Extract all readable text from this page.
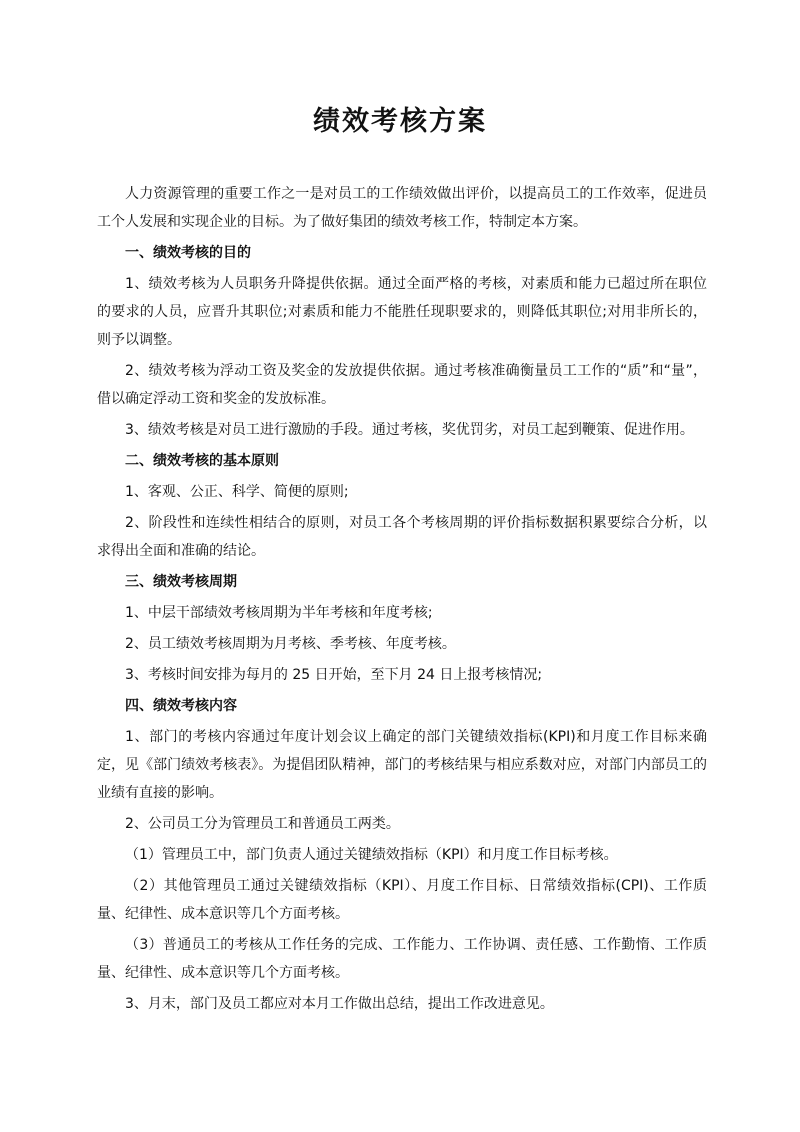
绩效考核方案

人力资源管理的重要工作之一是对员工的工作绩效做出评价，以提高员工的工作效率，促进员工个人发展和实现企业的目标。为了做好集团的绩效考核工作，特制定本方案。

一、绩效考核的目的

1、绩效考核为人员职务升降提供依据。通过全面严格的考核，对素质和能力已超过所在职位的要求的人员，应晋升其职位;对素质和能力不能胜任现职要求的，则降低其职位;对用非所长的，则予以调整。

2、绩效考核为浮动工资及奖金的发放提供依据。通过考核准确衡量员工工作的“质”和“量”，借以确定浮动工资和奖金的发放标准。

3、绩效考核是对员工进行激励的手段。通过考核，奖优罚劣，对员工起到鞭策、促进作用。

二、绩效考核的基本原则

1、客观、公正、科学、简便的原则;

2、阶段性和连续性相结合的原则，对员工各个考核周期的评价指标数据积累要综合分析，以求得出全面和准确的结论。

三、绩效考核周期

1、中层干部绩效考核周期为半年考核和年度考核;

2、员工绩效考核周期为月考核、季考核、年度考核。

3、考核时间安排为每月的 25 日开始，至下月 24 日上报考核情况;

四、绩效考核内容

1、部门的考核内容通过年度计划会议上确定的部门关键绩效指标(KPI)和月度工作目标来确定，见《部门绩效考核表》。为提倡团队精神，部门的考核结果与相应系数对应，对部门内部员工的业绩有直接的影响。

2、公司员工分为管理员工和普通员工两类。

（1）管理员工中，部门负责人通过关键绩效指标（KPI）和月度工作目标考核。

（2）其他管理员工通过关键绩效指标（KPI）、月度工作目标、日常绩效指标(CPI)、工作质量、纪律性、成本意识等几个方面考核。

（3）普通员工的考核从工作任务的完成、工作能力、工作协调、责任感、工作勤惰、工作质量、纪律性、成本意识等几个方面考核。

3、月末，部门及员工都应对本月工作做出总结，提出工作改进意见。
